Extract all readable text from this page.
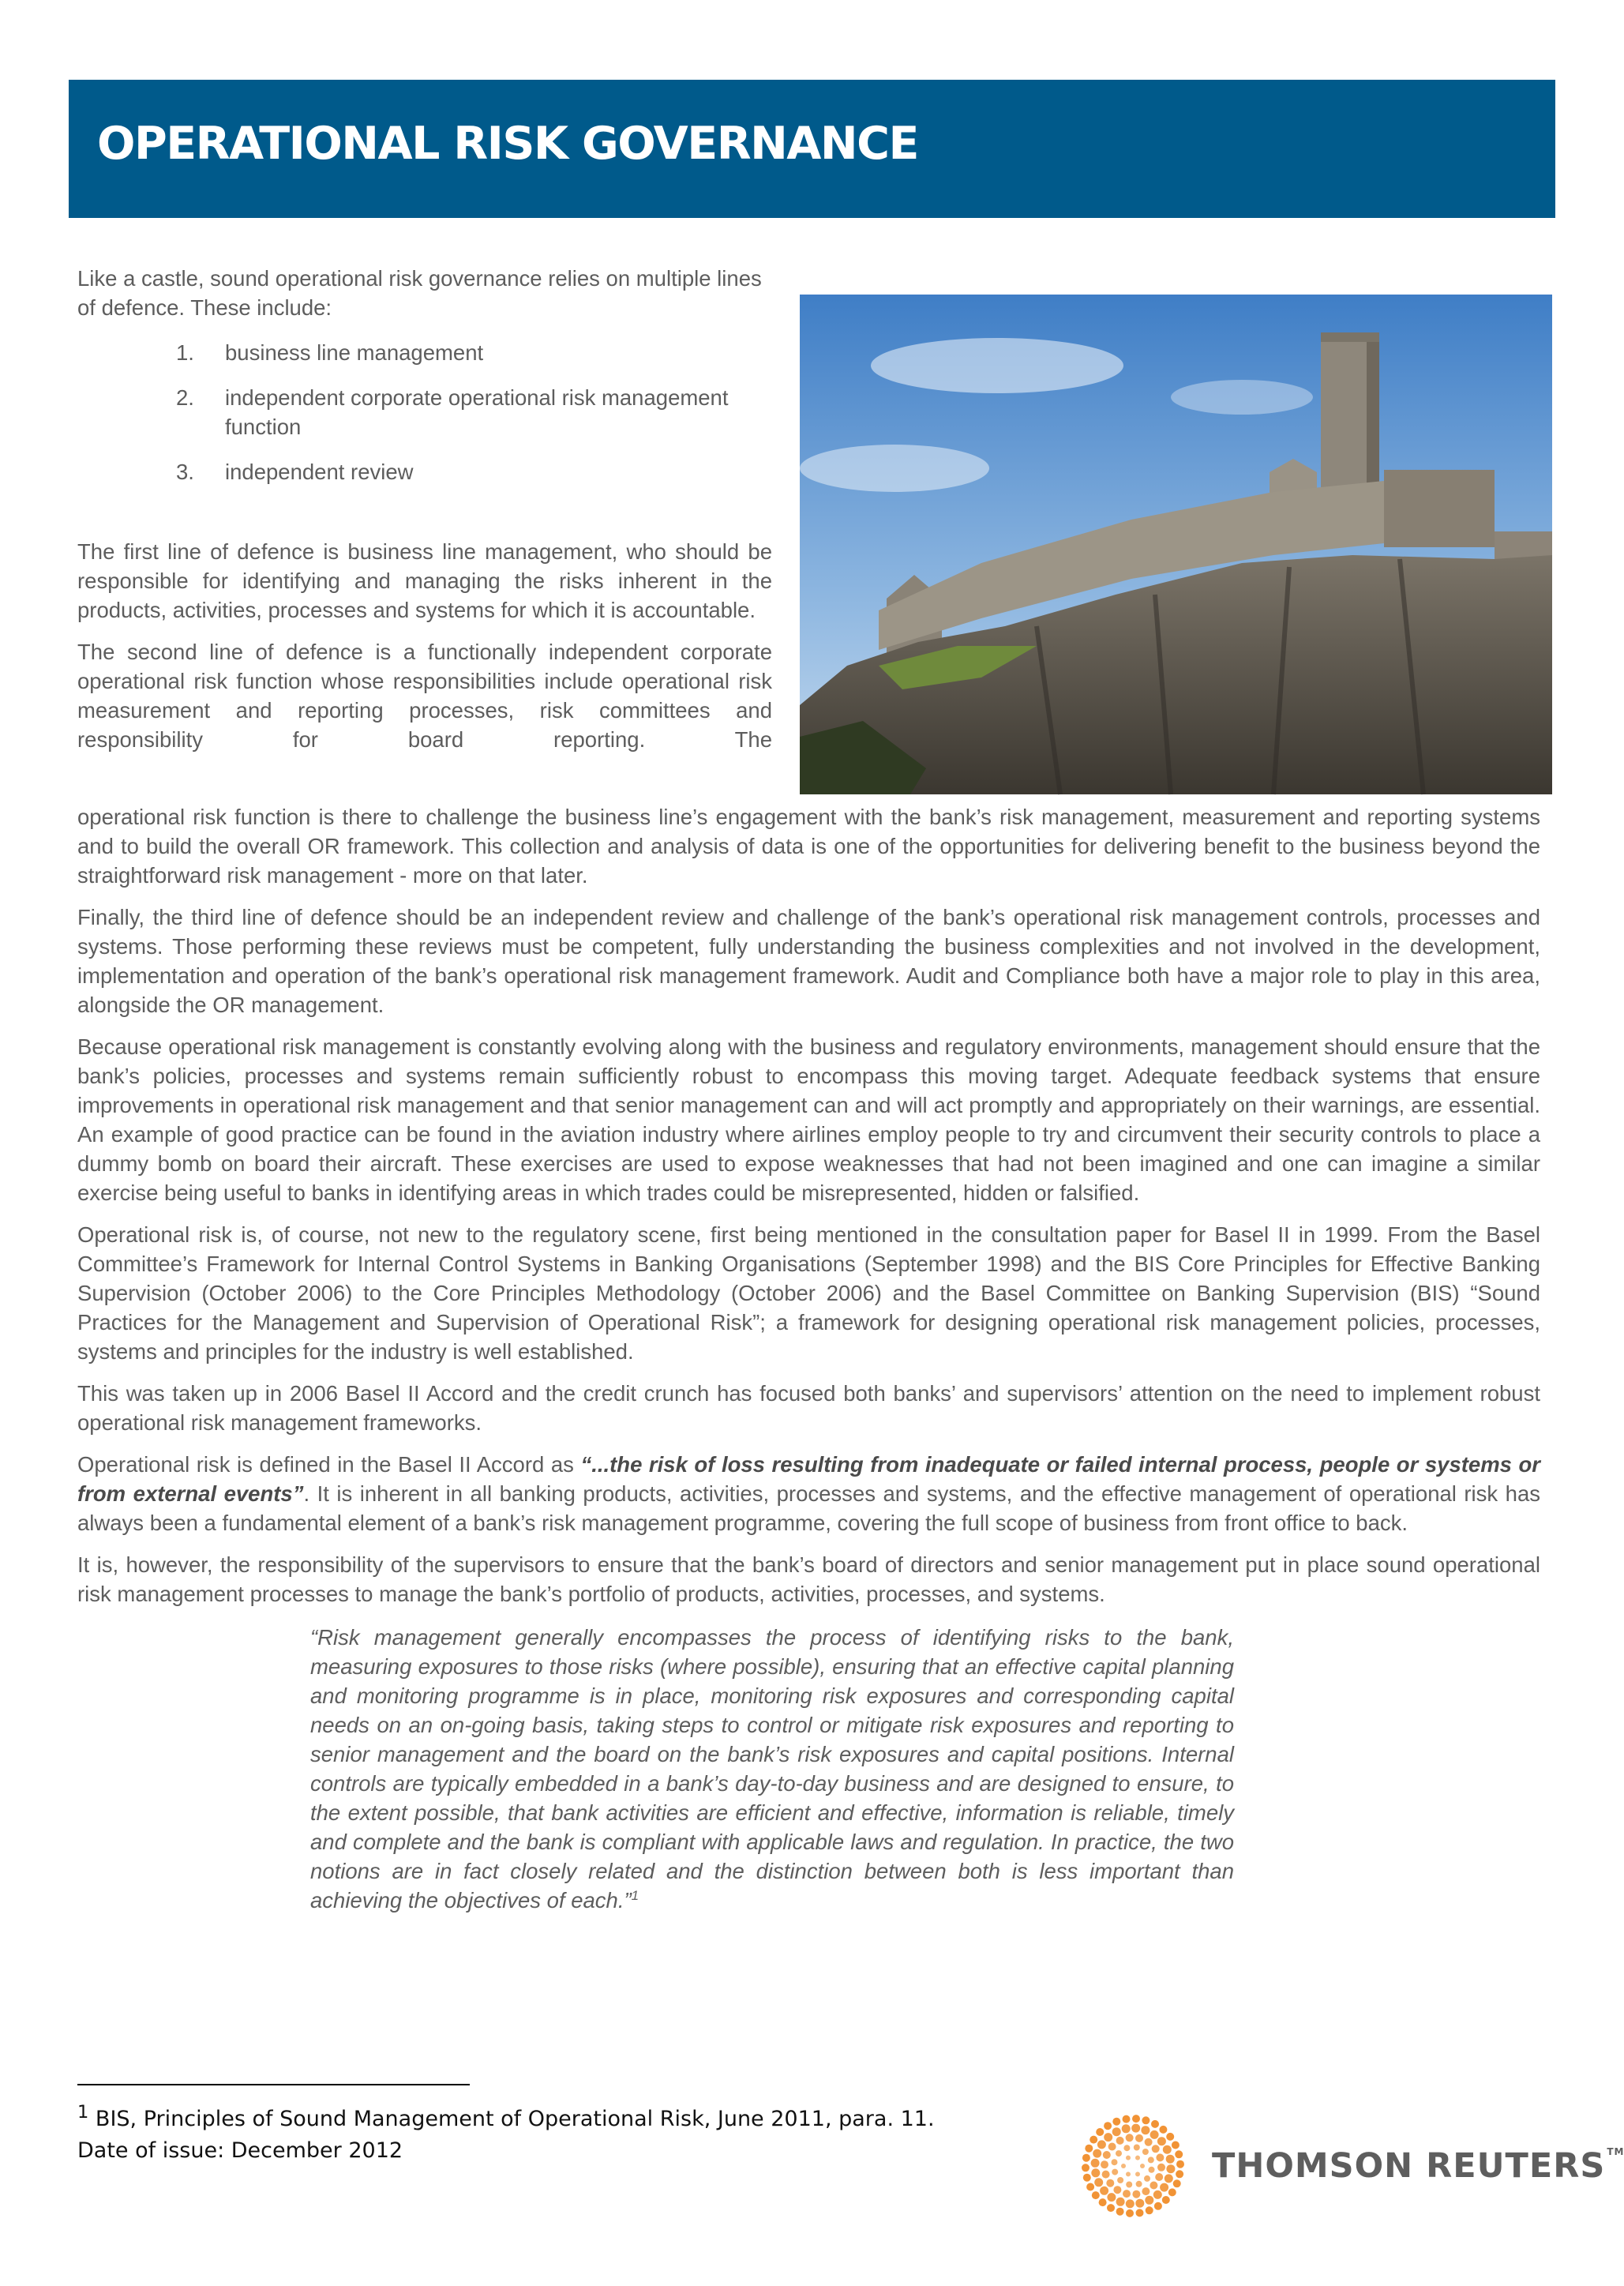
OPERATIONAL RISK GOVERNANCE

Like a castle, sound operational risk governance relies on multiple lines of defence. These include:

1. business line management
2. independent corporate operational risk management function
3. independent review

The first line of defence is business line management, who should be responsible for identifying and managing the risks inherent in the products, activities, processes and systems for which it is accountable.

The second line of defence is a functionally independent corporate operational risk function whose responsibilities include operational risk measurement and reporting processes, risk committees and responsibility for board reporting. The

operational risk function is there to challenge the business line’s engagement with the bank’s risk management, measurement and reporting systems and to build the overall OR framework. This collection and analysis of data is one of the opportunities for delivering benefit to the business beyond the straightforward risk management - more on that later.

Finally, the third line of defence should be an independent review and challenge of the bank’s operational risk management controls, processes and systems. Those performing these reviews must be competent, fully understanding the business complexities and not involved in the development, implementation and operation of the bank’s operational risk management framework. Audit and Compliance both have a major role to play in this area, alongside the OR management.

Because operational risk management is constantly evolving along with the business and regulatory environments, management should ensure that the bank’s policies, processes and systems remain sufficiently robust to encompass this moving target. Adequate feedback systems that ensure improvements in operational risk management and that senior management can and will act promptly and appropriately on their warnings, are essential. An example of good practice can be found in the aviation industry where airlines employ people to try and circumvent their security controls to place a dummy bomb on board their aircraft. These exercises are used to expose weaknesses that had not been imagined and one can imagine a similar exercise being useful to banks in identifying areas in which trades could be misrepresented, hidden or falsified.

Operational risk is, of course, not new to the regulatory scene, first being mentioned in the consultation paper for Basel II in 1999. From the Basel Committee’s Framework for Internal Control Systems in Banking Organisations (September 1998) and the BIS Core Principles for Effective Banking Supervision (October 2006) to the Core Principles Methodology (October 2006) and the Basel Committee on Banking Supervision (BIS) “Sound Practices for the Management and Supervision of Operational Risk”; a framework for designing operational risk management policies, processes, systems and principles for the industry is well established.

This was taken up in 2006 Basel II Accord and the credit crunch has focused both banks’ and supervisors’ attention on the need to implement robust operational risk management frameworks.

Operational risk is defined in the Basel II Accord as “...the risk of loss resulting from inadequate or failed internal process, people or systems or from external events”. It is inherent in all banking products, activities, processes and systems, and the effective management of operational risk has always been a fundamental element of a bank’s risk management programme, covering the full scope of business from front office to back.

It is, however, the responsibility of the supervisors to ensure that the bank’s board of directors and senior management put in place sound operational risk management processes to manage the bank’s portfolio of products, activities, processes, and systems.

“Risk management generally encompasses the process of identifying risks to the bank, measuring exposures to those risks (where possible), ensuring that an effective capital planning and monitoring programme is in place, monitoring risk exposures and corresponding capital needs on an on-going basis, taking steps to control or mitigate risk exposures and reporting to senior management and the board on the bank’s risk exposures and capital positions. Internal controls are typically embedded in a bank’s day-to-day business and are designed to ensure, to the extent possible, that bank activities are efficient and effective, information is reliable, timely and complete and the bank is compliant with applicable laws and regulation. In practice, the two notions are in fact closely related and the distinction between both is less important than achieving the objectives of each.”$^1$

$^1$ BIS, Principles of Sound Management of Operational Risk, June 2011, para. 11.
Date of issue: December 2012	THOMSON REUTERS ™
